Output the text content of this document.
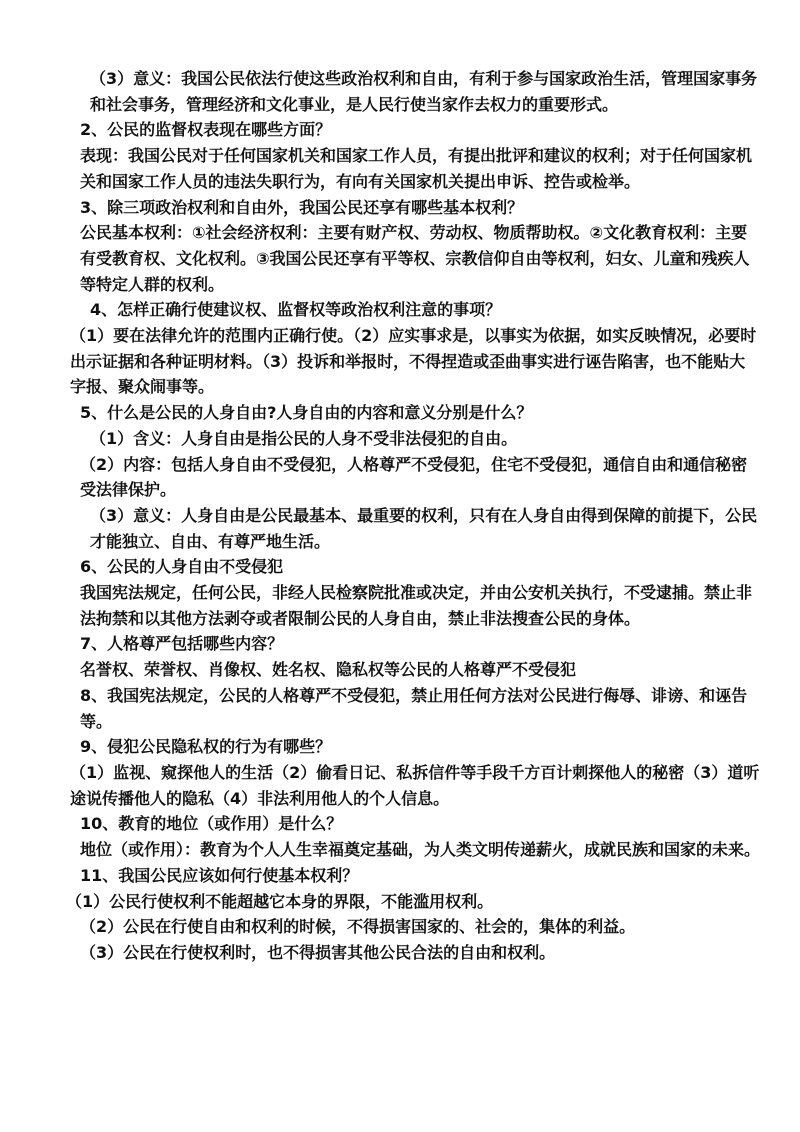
（3）意义：我国公民依法行使这些政治权利和自由，有利于参与国家政治生活，管理国家事务和社会事务，管理经济和文化事业，是人民行使当家作去权力的重要形式。

2、公民的监督权表现在哪些方面？

表现：我国公民对于任何国家机关和国家工作人员，有提出批评和建议的权利；对于任何国家机关和国家工作人员的违法失职行为，有向有关国家机关提出申诉、控告或检举。

3、除三项政治权利和自由外，我国公民还享有哪些基本权利？

公民基本权利：①社会经济权利：主要有财产权、劳动权、物质帮助权。②文化教育权利：主要有受教育权、文化权利。③我国公民还享有平等权、宗教信仰自由等权利，妇女、儿童和残疾人等特定人群的权利。

4、怎样正确行使建议权、监督权等政治权利注意的事项？

（1）要在法律允许的范围内正确行使。（2）应实事求是，以事实为依据，如实反映情况，必要时出示证据和各种证明材料。（3）投诉和举报时，不得捏造或歪曲事实进行诬告陷害，也不能贴大字报、聚众闹事等。

5、什么是公民的人身自由?人身自由的内容和意义分别是什么？

（1）含义：人身自由是指公民的人身不受非法侵犯的自由。

（2）内容：包括人身自由不受侵犯，人格尊严不受侵犯，住宅不受侵犯，通信自由和通信秘密受法律保护。

（3）意义：人身自由是公民最基本、最重要的权利，只有在人身自由得到保障的前提下，公民才能独立、自由、有尊严地生活。

6、公民的人身自由不受侵犯

我国宪法规定，任何公民，非经人民检察院批准或决定，并由公安机关执行，不受逮捕。禁止非法拘禁和以其他方法剥夺或者限制公民的人身自由，禁止非法搜查公民的身体。

7、人格尊严包括哪些内容？

名誉权、荣誉权、肖像权、姓名权、隐私权等公民的人格尊严不受侵犯

8、我国宪法规定，公民的人格尊严不受侵犯，禁止用任何方法对公民进行侮辱、诽谤、和诬告等。

9、侵犯公民隐私权的行为有哪些？

（1）监视、窥探他人的生活（2）偷看日记、私拆信件等手段千方百计刺探他人的秘密（3）道听途说传播他人的隐私（4）非法利用他人的个人信息。

10、教育的地位（或作用）是什么？

地位（或作用）：教育为个人人生幸福奠定基础，为人类文明传递薪火，成就民族和国家的未来。

11、我国公民应该如何行使基本权利？

（1）公民行使权利不能超越它本身的界限，不能滥用权利。

（2）公民在行使自由和权利的时候，不得损害国家的、社会的，集体的利益。

（3）公民在行使权利时，也不得损害其他公民合法的自由和权利。
